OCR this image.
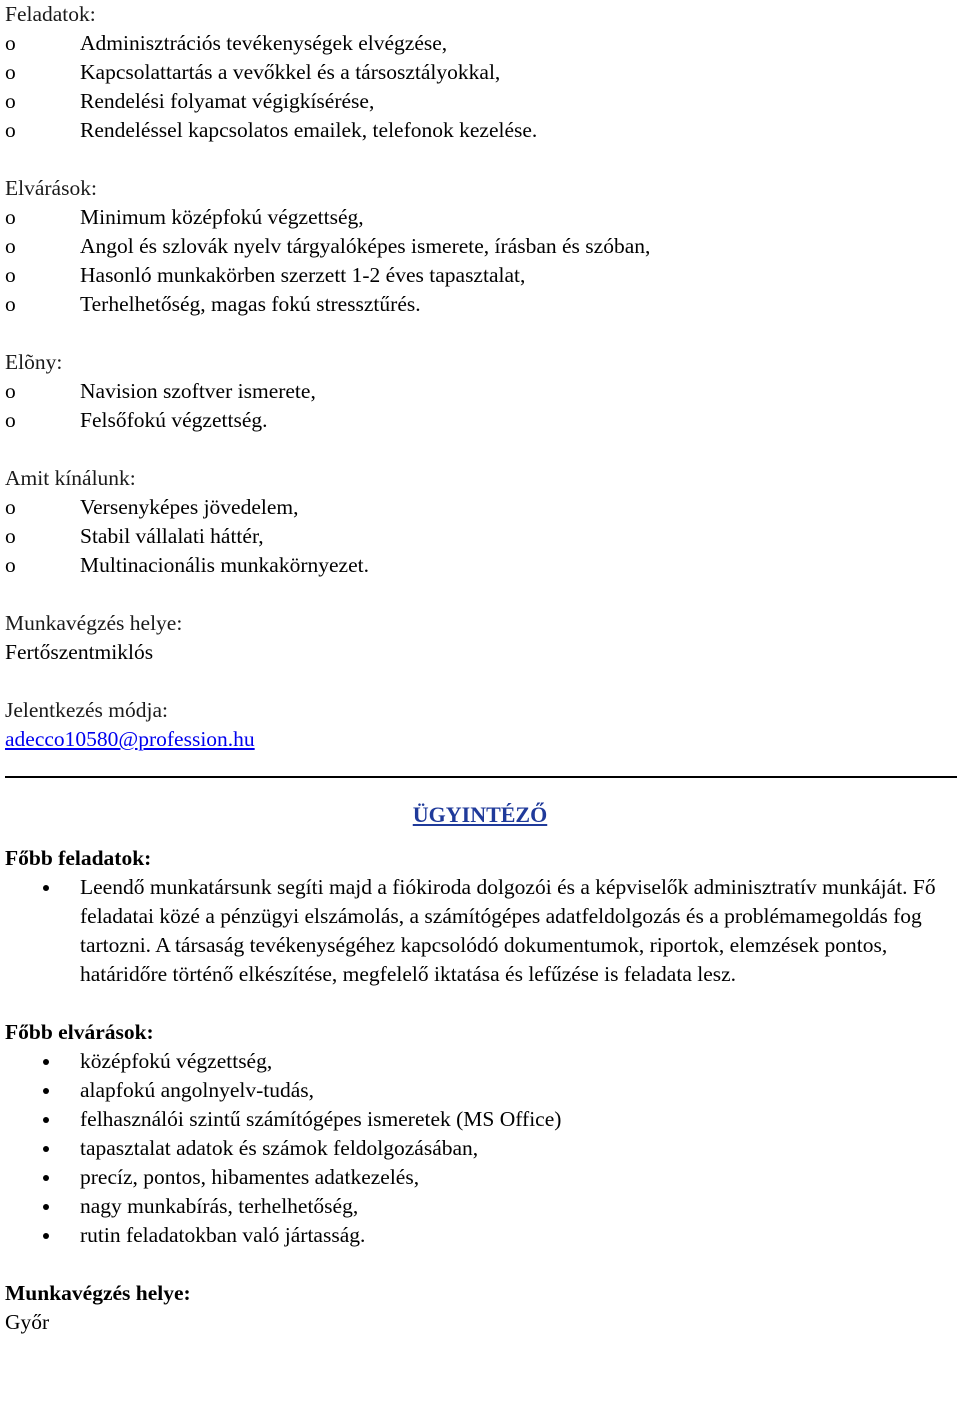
Feladatok:
o	Adminisztrációs tevékenységek elvégzése,
o	Kapcsolattartás a vevőkkel és a társosztályokkal,
o	Rendelési folyamat végigkísérése,
o	Rendeléssel kapcsolatos emailek, telefonok kezelése.
Elvárások:
o	Minimum középfokú végzettség,
o	Angol és szlovák nyelv tárgyalóképes ismerete, írásban és szóban,
o	Hasonló munkakörben szerzett 1-2 éves tapasztalat,
o	Terhelhetőség, magas fokú stressztűrés.
Elõny:
o	Navision szoftver ismerete,
o	Felsőfokú végzettség.
Amit kínálunk:
o	Versenyképes jövedelem,
o	Stabil vállalati háttér,
o	Multinacionális munkakörnyezet.
Munkavégzés helye:
Fertőszentmiklós
Jelentkezés módja:
adecco10580@profession.hu
ÜGYINTÉZŐ
Főbb feladatok:
Leendő munkatársunk segíti majd a fiókiroda dolgozói és a képviselők adminisztratív munkáját. Fő feladatai közé a pénzügyi elszámolás, a számítógépes adatfeldolgozás és a problémamegoldás fog tartozni. A társaság tevékenységéhez kapcsolódó dokumentumok, riportok, elemzések pontos, határidőre történő elkészítése, megfelelő iktatása és lefűzése is feladata lesz.
Főbb elvárások:
középfokú végzettség,
alapfokú angolnyelv-tudás,
felhasználói szintű számítógépes ismeretek (MS Office)
tapasztalat adatok és számok feldolgozásában,
precíz, pontos, hibamentes adatkezelés,
nagy munkabírás, terhelhetőség,
rutin feladatokban való jártasság.
Munkavégzés helye:
Győr
